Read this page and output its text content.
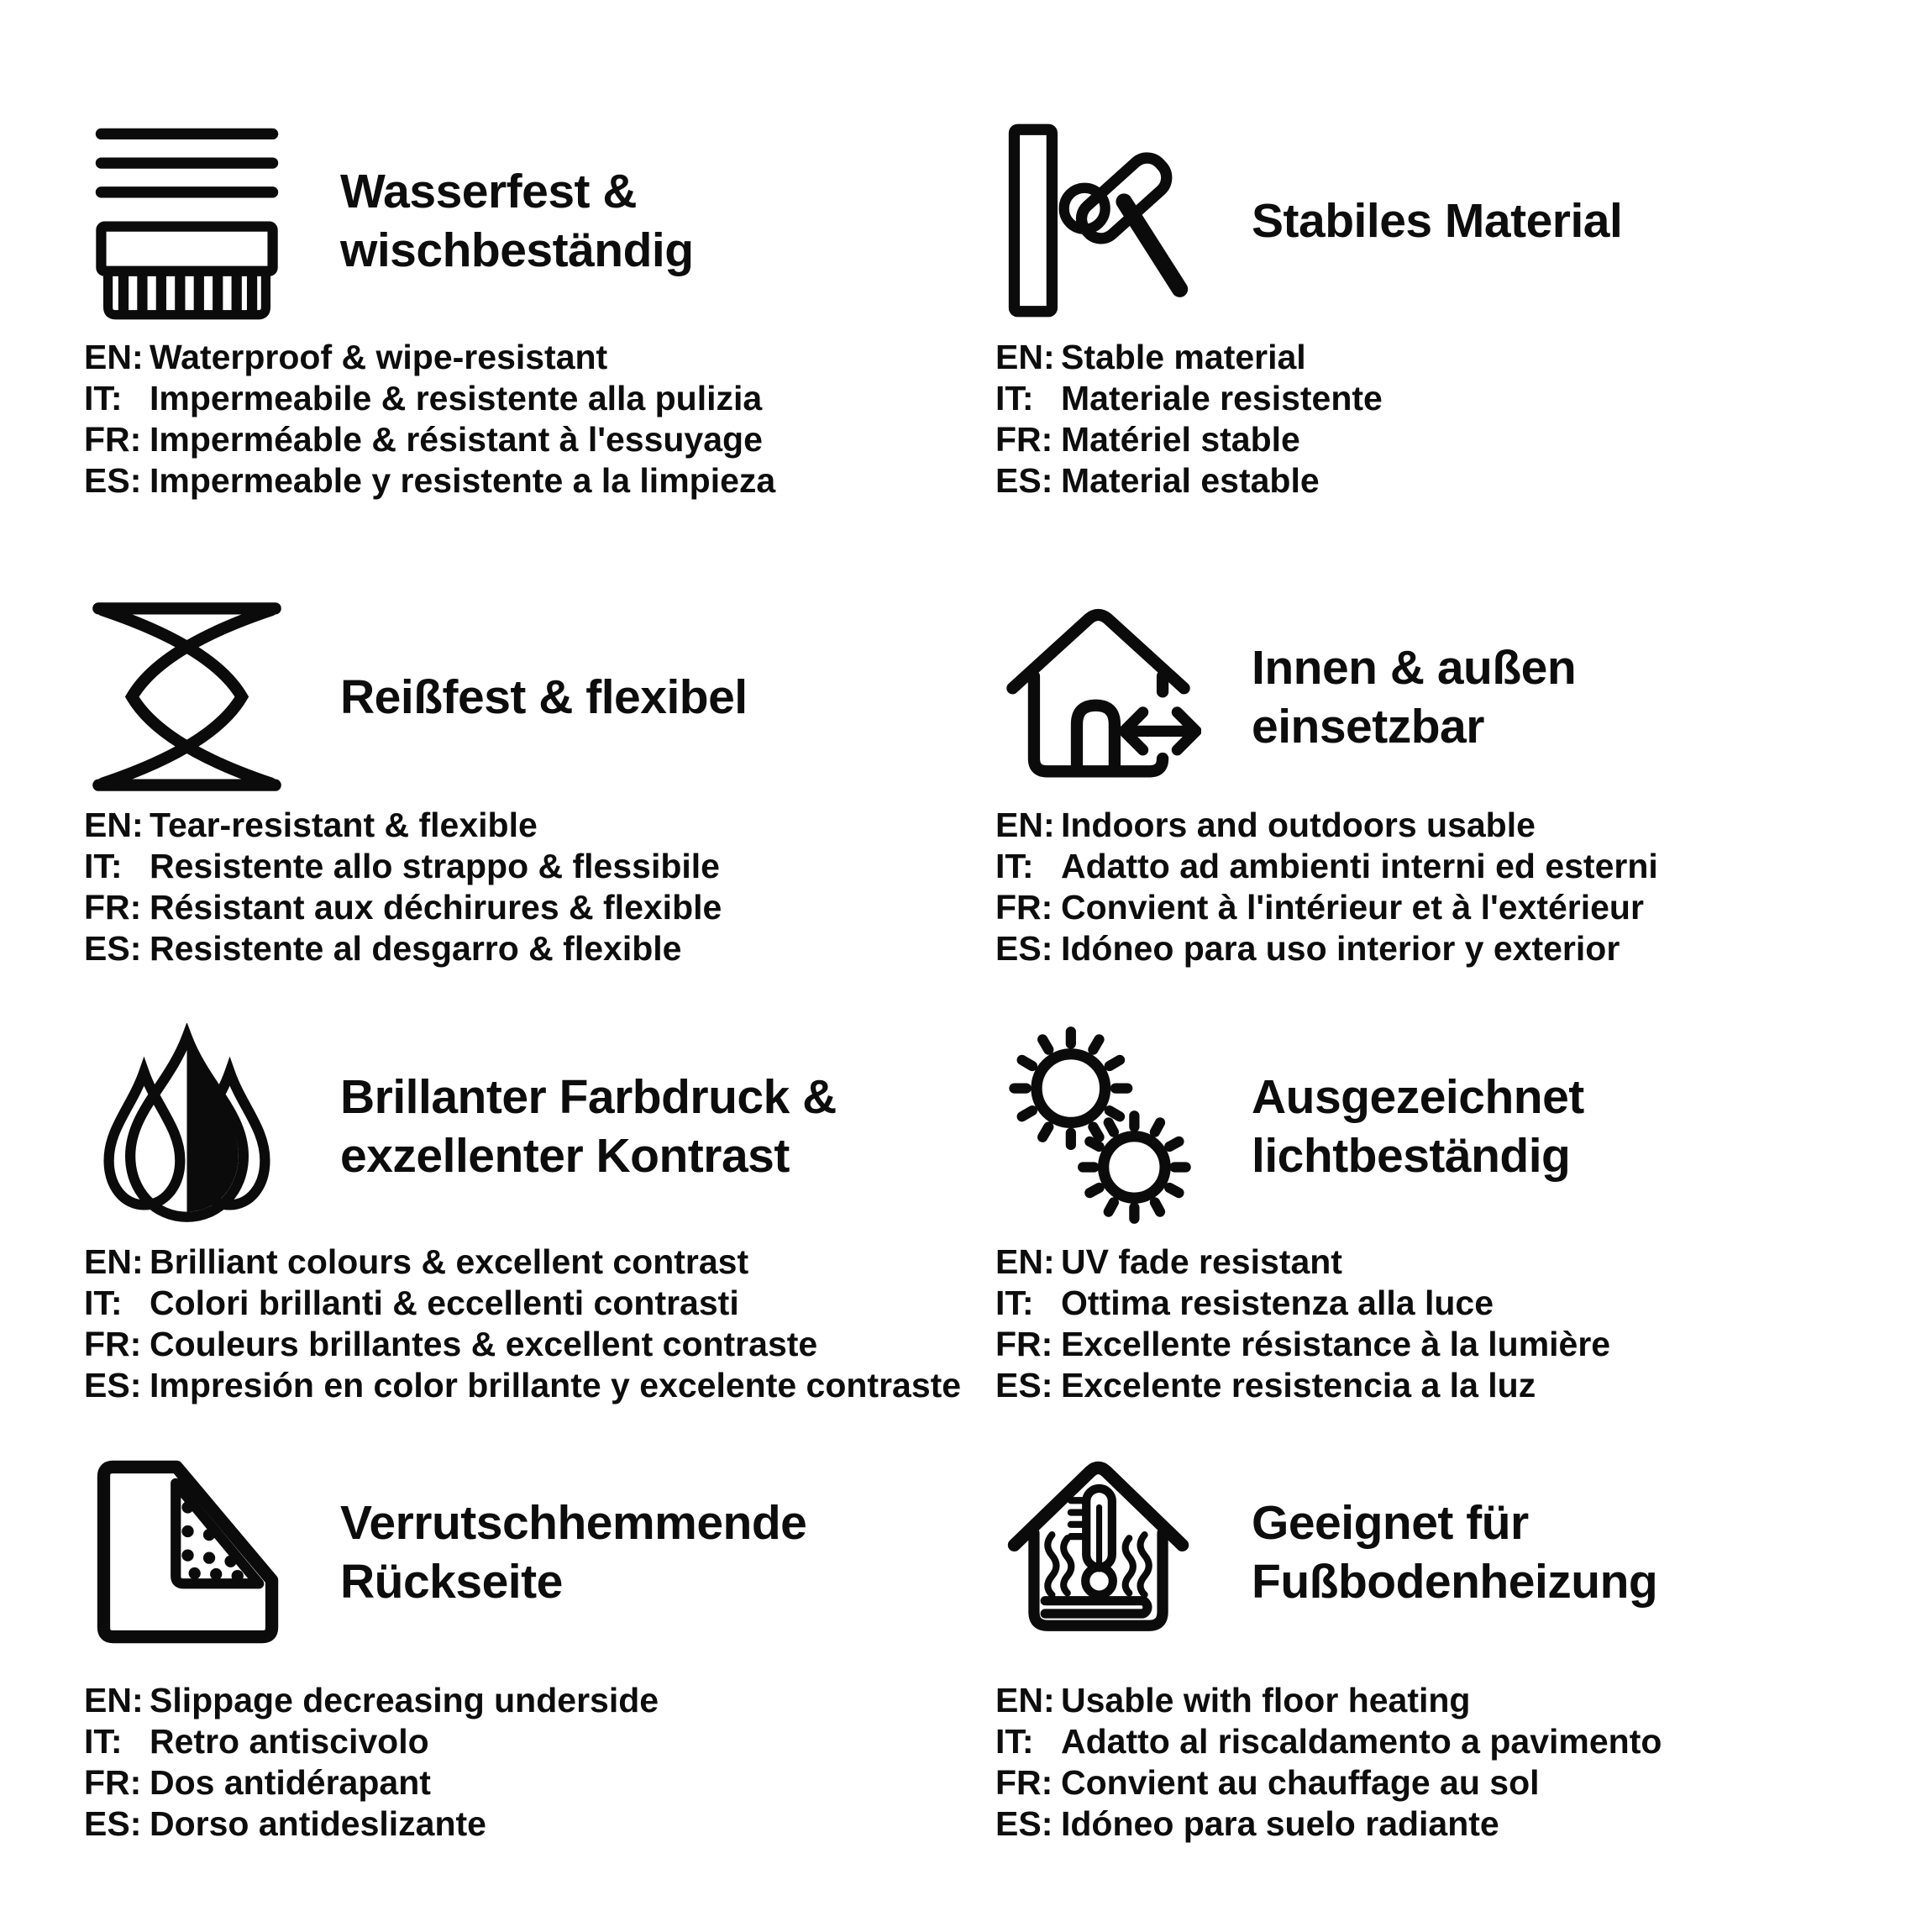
Wasserfest &
wischbeständig
EN: Waterproof & wipe-resistant
IT: Impermeabile & resistente alla pulizia
FR: Imperméable & résistant à l'essuyage
ES: Impermeable y resistente a la limpieza
Stabiles Material
EN: Stable material
IT: Materiale resistente
FR: Matériel stable
ES: Material estable
Reißfest & flexibel
EN: Tear-resistant & flexible
IT: Resistente allo strappo & flessibile
FR: Résistant aux déchirures & flexible
ES: Resistente al desgarro & flexible
Innen & außen
einsetzbar
EN: Indoors and outdoors usable
IT: Adatto ad ambienti interni ed esterni
FR: Convient à l'intérieur et à l'extérieur
ES: Idóneo para uso interior y exterior
Brillanter Farbdruck &
exzellenter Kontrast
EN: Brilliant colours & excellent contrast
IT: Colori brillanti & eccellenti contrasti
FR: Couleurs brillantes & excellent contraste
ES: Impresión en color brillante y excelente contraste
Ausgezeichnet
lichtbeständig
EN: UV fade resistant
IT: Ottima resistenza alla luce
FR: Excellente résistance à la lumière
ES: Excelente resistencia a la luz
Verrutschhemmende
Rückseite
EN: Slippage decreasing underside
IT: Retro antiscivolo
FR: Dos antidérapant
ES: Dorso antideslizante
Geeignet für
Fußbodenheizung
EN: Usable with floor heating
IT: Adatto al riscaldamento a pavimento
FR: Convient au chauffage au sol
ES: Idóneo para suelo radiante
